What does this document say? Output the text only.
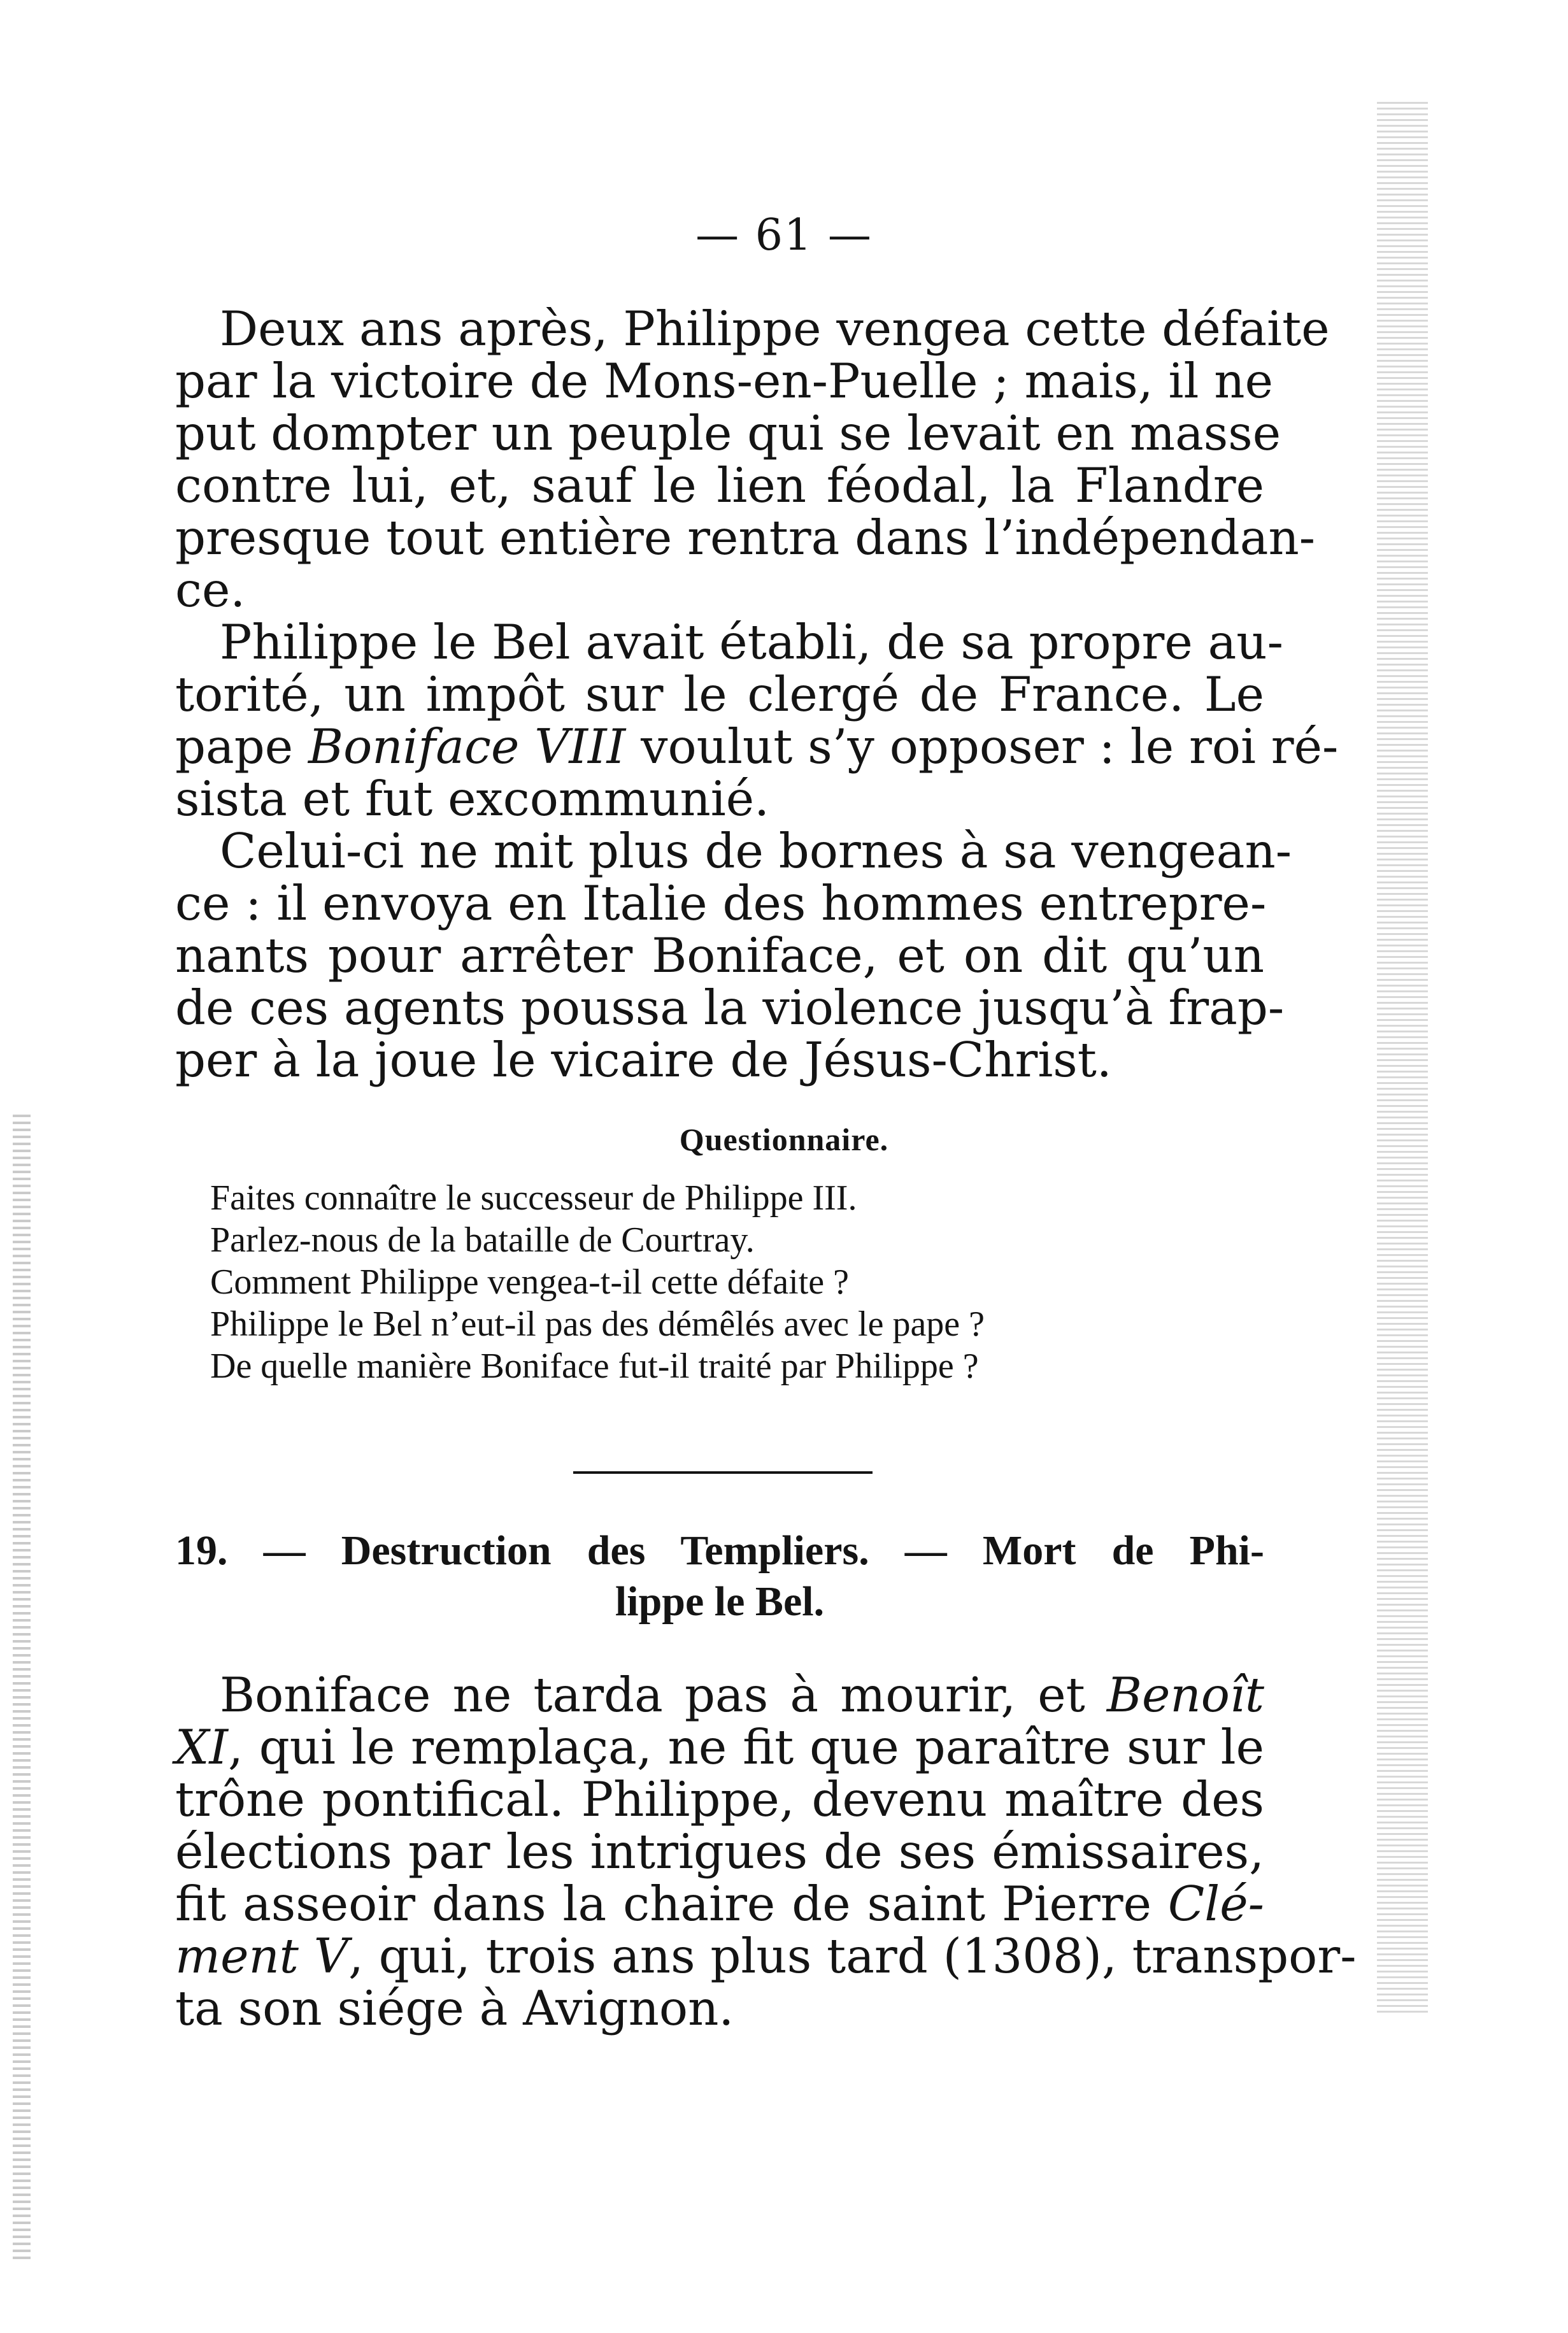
— 61 —
Deux ans après, Philippe vengea cette défaite
par la victoire de Mons-en-Puelle ; mais, il ne
put dompter un peuple qui se levait en masse
contre lui, et, sauf le lien féodal, la Flandre
presque tout entière rentra dans l’indépendan-
ce.
Philippe le Bel avait établi, de sa propre au-
torité, un impôt sur le clergé de France. Le
pape Boniface VIII voulut s’y opposer : le roi ré-
sista et fut excommunié.
Celui-ci ne mit plus de bornes à sa vengean-
ce : il envoya en Italie des hommes entrepre-
nants pour arrêter Boniface, et on dit qu’un
de ces agents poussa la violence jusqu’à frap-
per à la joue le vicaire de Jésus-Christ.
Questionnaire.
Faites connaître le successeur de Philippe III.
Parlez-nous de la bataille de Courtray.
Comment Philippe vengea-t-il cette défaite ?
Philippe le Bel n’eut-il pas des démêlés avec le pape ?
De quelle manière Boniface fut-il traité par Philippe ?
19. — Destruction des Templiers. — Mort de Phi-
lippe le Bel.
Boniface ne tarda pas à mourir, et Benoît
XI, qui le remplaça, ne fit que paraître sur le
trône pontifical. Philippe, devenu maître des
élections par les intrigues de ses émissaires,
fit asseoir dans la chaire de saint Pierre Clé-
ment V, qui, trois ans plus tard (1308), transpor-
ta son siége à Avignon.
